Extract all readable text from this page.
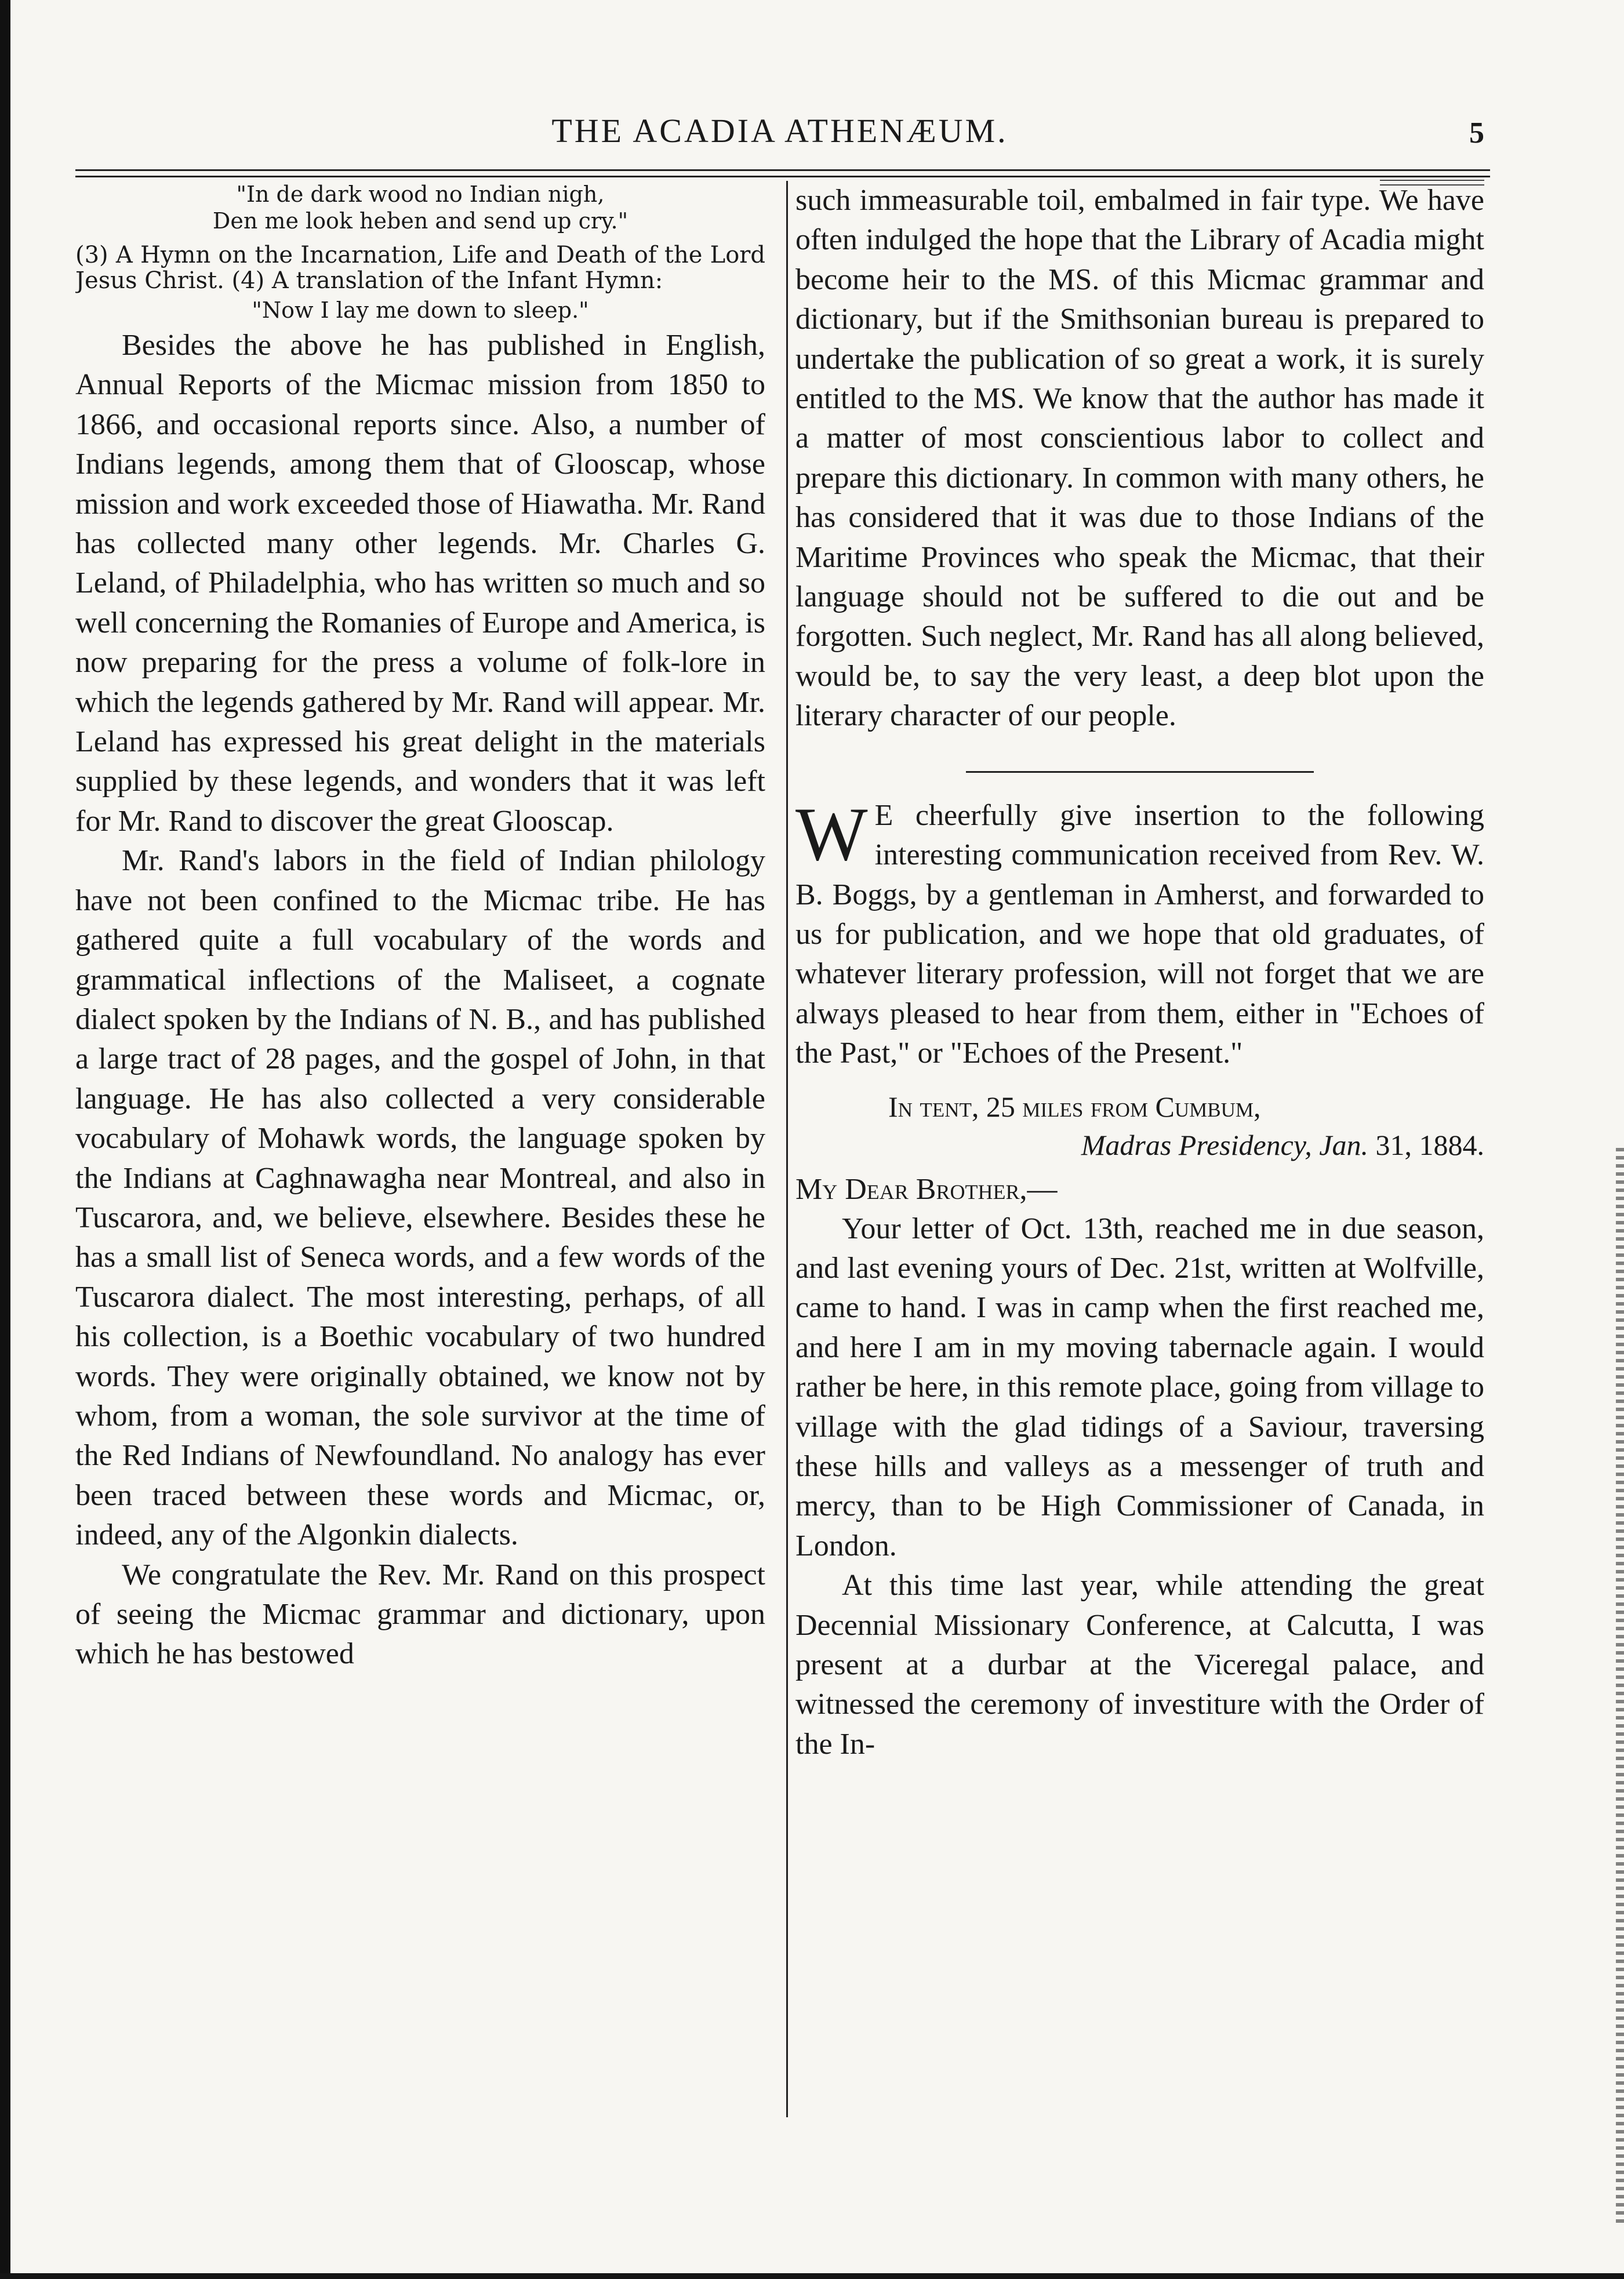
THE ACADIA ATHENÆUM.	5

"In de dark wood no Indian nigh,

Den me look heben and send up cry."

(3) A Hymn on the Incarnation, Life and Death of the Lord Jesus Christ. (4) A translation of the Infant Hymn:

"Now I lay me down to sleep."

Besides the above he has published in English, Annual Reports of the Micmac mission from 1850 to 1866, and occasional reports since. Also, a number of Indians legends, among them that of Glooscap, whose mission and work exceeded those of Hiawatha. Mr. Rand has collected many other legends. Mr. Charles G. Leland, of Philadelphia, who has written so much and so well concerning the Romanies of Europe and America, is now preparing for the press a volume of folk-lore in which the legends gathered by Mr. Rand will appear. Mr. Leland has expressed his great delight in the materials supplied by these legends, and wonders that it was left for Mr. Rand to discover the great Glooscap.

Mr. Rand's labors in the field of Indian philology have not been confined to the Micmac tribe. He has gathered quite a full vocabulary of the words and grammatical inflections of the Maliseet, a cognate dialect spoken by the Indians of N. B., and has published a large tract of 28 pages, and the gospel of John, in that language. He has also collected a very considerable vocabulary of Mohawk words, the language spoken by the Indians at Caghnawagha near Montreal, and also in Tuscarora, and, we believe, elsewhere. Besides these he has a small list of Seneca words, and a few words of the Tuscarora dialect. The most interesting, perhaps, of all his collection, is a Boethic vocabulary of two hundred words. They were originally obtained, we know not by whom, from a woman, the sole survivor at the time of the Red Indians of Newfoundland. No analogy has ever been traced between these words and Micmac, or, indeed, any of the Algonkin dialects.

We congratulate the Rev. Mr. Rand on this prospect of seeing the Micmac grammar and dictionary, upon which he has bestowed

such immeasurable toil, embalmed in fair type. We have often indulged the hope that the Library of Acadia might become heir to the MS. of this Micmac grammar and dictionary, but if the Smithsonian bureau is prepared to undertake the publication of so great a work, it is surely entitled to the MS. We know that the author has made it a matter of most conscientious labor to collect and prepare this dictionary. In common with many others, he has considered that it was due to those Indians of the Maritime Provinces who speak the Micmac, that their language should not be suffered to die out and be forgotten. Such neglect, Mr. Rand has all along believed, would be, to say the very least, a deep blot upon the literary character of our people.

W E cheerfully give insertion to the following interesting communication received from Rev. W. B. Boggs, by a gentleman in Amherst, and forwarded to us for publication, and we hope that old graduates, of whatever literary profession, will not forget that we are always pleased to hear from them, either in "Echoes of the Past," or "Echoes of the Present."

In tent, 25 miles from Cumbum,

Madras Presidency, Jan. 31, 1884.

My Dear Brother,—

Your letter of Oct. 13th, reached me in due season, and last evening yours of Dec. 21st, written at Wolfville, came to hand. I was in camp when the first reached me, and here I am in my moving tabernacle again. I would rather be here, in this remote place, going from village to village with the glad tidings of a Saviour, traversing these hills and valleys as a messenger of truth and mercy, than to be High Commissioner of Canada, in London.

At this time last year, while attending the great Decennial Missionary Conference, at Calcutta, I was present at a durbar at the Viceregal palace, and witnessed the ceremony of investiture with the Order of the In-
